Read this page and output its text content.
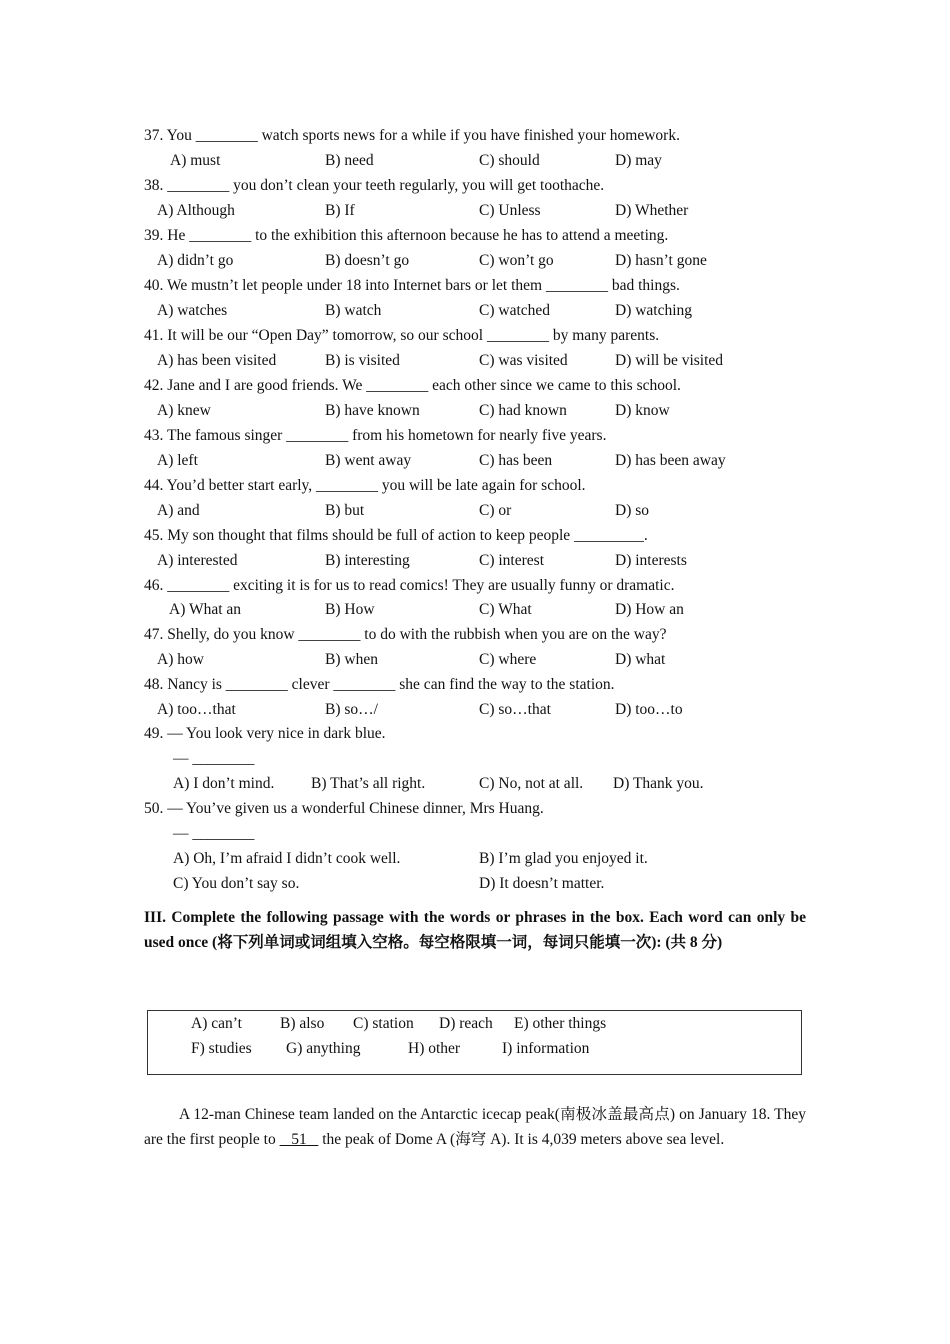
37. You ________ watch sports news for a while if you have finished your homework.
A) must	B) need	C) should	D) may
38. ________ you don’t clean your teeth regularly, you will get toothache.
A) Although	B) If	C) Unless	D) Whether
39. He ________ to the exhibition this afternoon because he has to attend a meeting.
A) didn’t go	B) doesn’t go	C) won’t go	D) hasn’t gone
40. We mustn’t let people under 18 into Internet bars or let them ________ bad things.
A) watches	B) watch	C) watched	D) watching
41. It will be our “Open Day” tomorrow, so our school ________ by many parents.
A) has been visited	B) is visited	C) was visited	D) will be visited
42. Jane and I are good friends. We ________ each other since we came to this school.
A) knew	B) have known	C) had known	D) know
43. The famous singer ________ from his hometown for nearly five years.
A) left	B) went away	C) has been	D) has been away
44. You’d better start early, ________ you will be late again for school.
A) and	B) but	C) or	D) so
45. My son thought that films should be full of action to keep people _________.
A) interested	B) interesting	C) interest	D) interests
46. ________ exciting it is for us to read comics! They are usually funny or dramatic.
A) What an	B) How	C) What	D) How an
47. Shelly, do you know ________ to do with the rubbish when you are on the way?
A) how	B) when	C) where	D) what
48. Nancy is ________ clever ________ she can find the way to the station.
A) too…that	B) so…/	C) so…that	D) too…to
49. — You look very nice in dark blue.
— ________
A) I don’t mind. B) That’s all right.	C) No, not at all. D) Thank you.
50. — You’ve given us a wonderful Chinese dinner, Mrs Huang.
— ________
A) Oh, I’m afraid I didn’t cook well.	B) I’m glad you enjoyed it.
C) You don’t say so.	D) It doesn’t matter.
III. Complete the following passage with the words or phrases in the box. Each word can only be used once (将下列单词或词组填入空格。每空格限填一词，每词只能填一次): (共 8 分)
A) can’t B) also C) station D) reach E) other things
F) studies G) anything	H) other	I) information
A 12-man Chinese team landed on the Antarctic icecap peak(南极冰盖最高点) on January 18. They are the first people to    51    the peak of Dome A (海穹 A). It is 4,039 meters above sea level.
